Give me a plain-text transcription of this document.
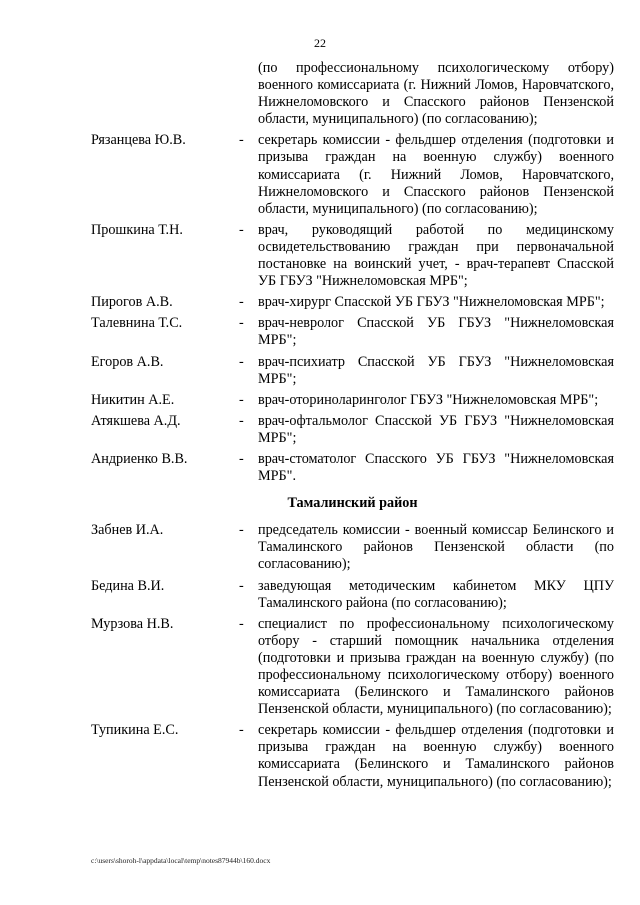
22
(по профессиональному психологическому отбору) военного комиссариата (г. Нижний Ломов, Наровчатского, Нижнеломовского и Спасского районов Пензенской области, муниципального) (по согласованию);
Рязанцева Ю.В.	-	секретарь комиссии - фельдшер отделения (подготовки и призыва граждан на военную службу) военного комиссариата (г. Нижний Ломов, Наровчатского, Нижнеломовского и Спасского районов Пензенской области, муниципального) (по согласованию);
Прошкина Т.Н.	-	врач, руководящий работой по медицинскому освидетельствованию граждан при первоначальной постановке на воинский учет, - врач-терапевт Спасской УБ ГБУЗ "Нижнеломовская МРБ";
Пирогов А.В.	-	врач-хирург Спасской УБ ГБУЗ "Нижнеломовская МРБ";
Талевнина Т.С.	-	врач-невролог Спасской УБ ГБУЗ "Нижнеломовская МРБ";
Егоров А.В.	-	врач-психиатр Спасской УБ ГБУЗ "Нижнеломовская МРБ";
Никитин А.Е.	-	врач-оториноларинголог ГБУЗ "Нижнеломовская МРБ";
Атякшева А.Д.	-	врач-офтальмолог Спасской УБ ГБУЗ "Нижнеломовская МРБ";
Андриенко В.В.	-	врач-стоматолог Спасского УБ ГБУЗ "Нижнеломовская МРБ".
Тамалинский район
Забнев И.А.	-	председатель комиссии - военный комиссар Белинского и Тамалинского районов Пензенской области (по согласованию);
Бедина В.И.	-	заведующая методическим кабинетом МКУ ЦПУ Тамалинского района (по согласованию);
Мурзова Н.В.	-	специалист по профессиональному психологическому отбору - старший помощник начальника отделения (подготовки и призыва граждан на военную службу) (по профессиональному психологическому отбору) военного комиссариата (Белинского и Тамалинского районов Пензенской области, муниципального) (по согласованию);
Тупикина Е.С.	-	секретарь комиссии - фельдшер отделения (подготовки и призыва граждан на военную службу) военного комиссариата (Белинского и Тамалинского районов Пензенской области, муниципального) (по согласованию);
c:\users\shoroh-l\appdata\local\temp\notes87944b\160.docx
